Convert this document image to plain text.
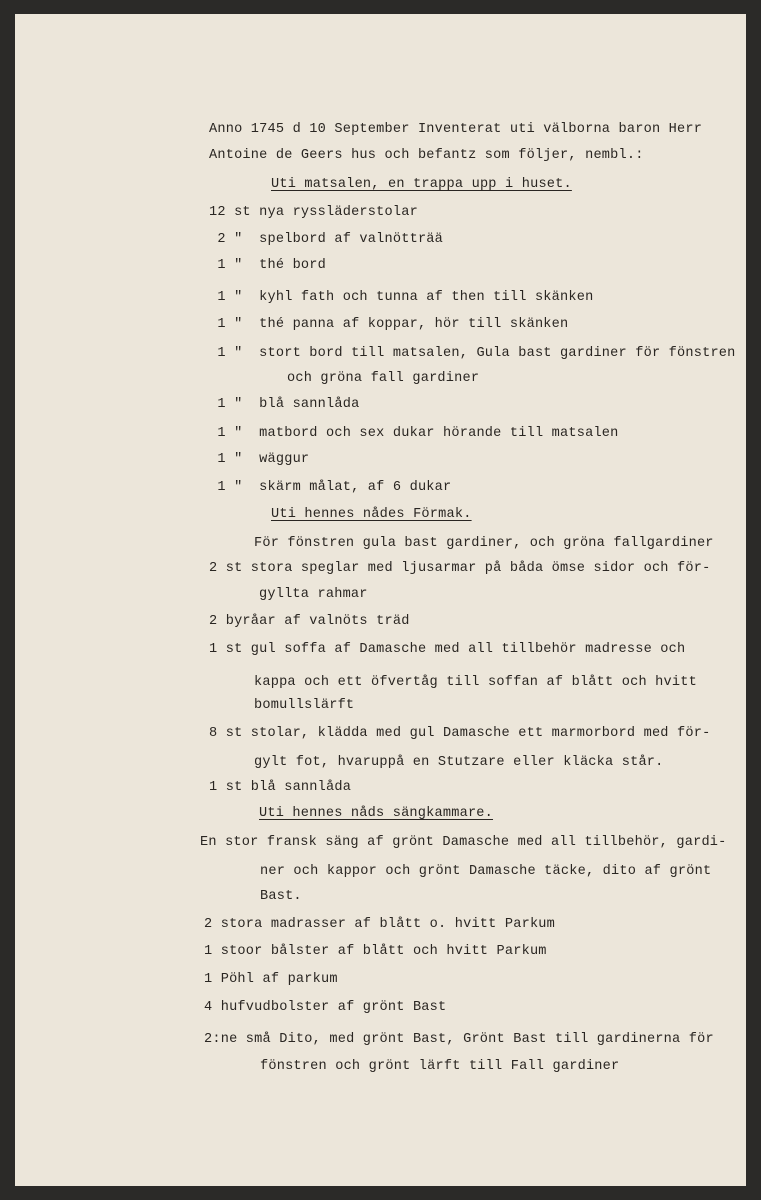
Anno 1745 d 10 September Inventerat uti välborna baron Herr
Antoine de Geers hus och befantz som följer, nembl.:
Uti matsalen, en trappa upp i huset.
12 st nya ryssläderstolar
2 "  spelbord af valnötträä
1 "  thé bord
1 "  kyhl fath och tunna af then till skänken
1 "  thé panna af koppar, hör till skänken
1 "  stort bord till matsalen, Gula bast gardiner för fönstren
och gröna fall gardiner
1 "  blå sannlåda
1 "  matbord och sex dukar hörande till matsalen
1 "  wäggur
1 "  skärm målat, af 6 dukar
Uti hennes nådes Förmak.
För fönstren gula bast gardiner, och gröna fallgardiner
2 st stora speglar med ljusarmar på båda ömse sidor och för-
gyllta rahmar
2 byråar af valnöts träd
1 st gul soffa af Damasche med all tillbehör madresse och
kappa och ett öfvertåg till soffan af blått och hvitt
bomullslärft
8 st stolar, klädda med gul Damasche ett marmorbord med för-
gylt fot, hvaruppå en Stutzare eller kläcka står.
1 st blå sannlåda
Uti hennes nåds sängkammare.
En stor fransk säng af grönt Damasche med all tillbehör, gardi-
ner och kappor och grönt Damasche täcke, dito af grönt
Bast.
2 stora madrasser af blått o. hvitt Parkum
1 stoor bålster af blått och hvitt Parkum
1 Pöhl af parkum
4 hufvudbolster af grönt Bast
2:ne små Dito, med grönt Bast, Grönt Bast till gardinerna för
fönstren och grönt lärft till Fall gardiner
